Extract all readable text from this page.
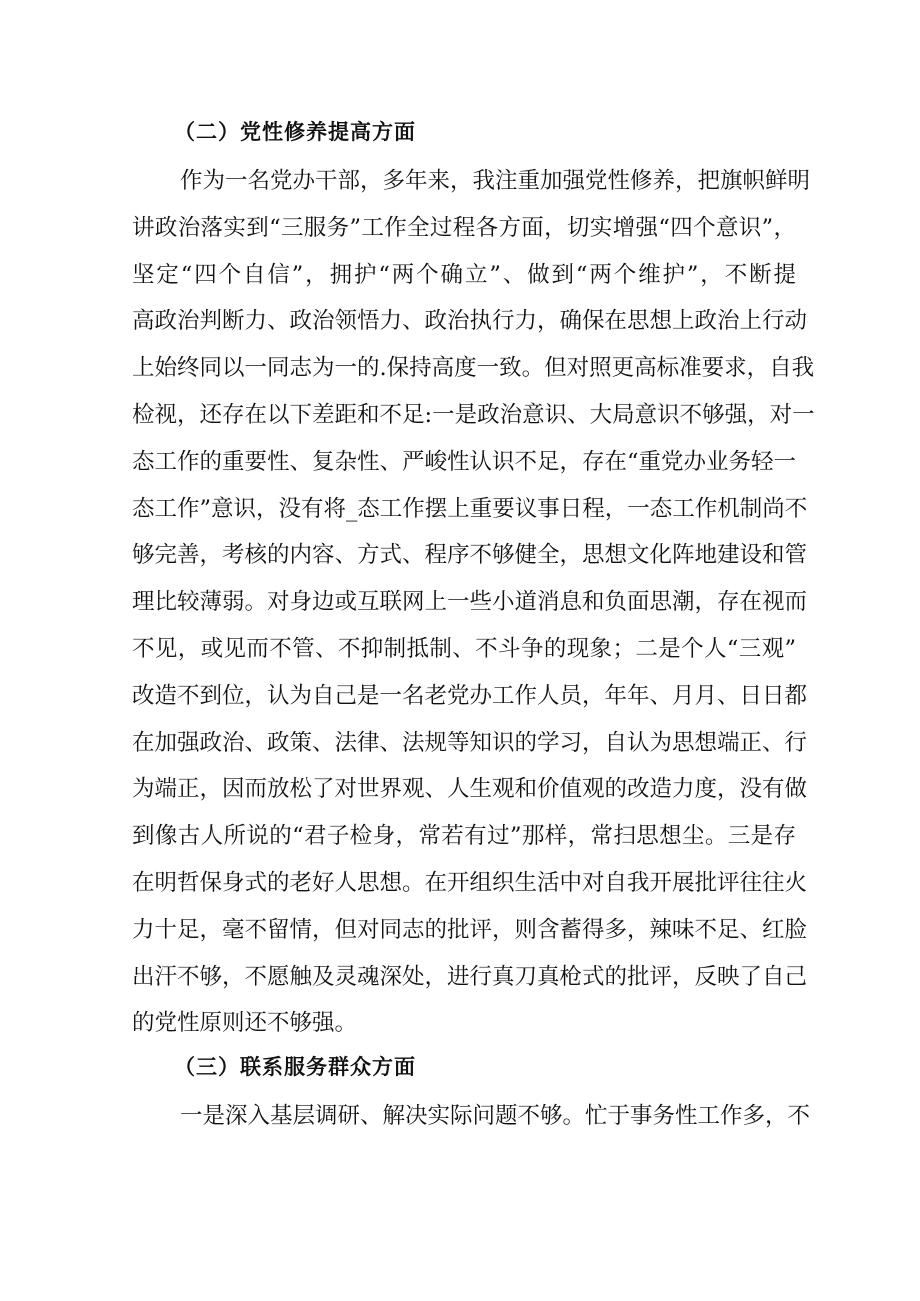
（二）党性修养提高方面

作为一名党办干部，多年来，我注重加强党性修养，把旗帜鲜明
讲政治落实到“三服务”工作全过程各方面，切实增强“四个意识”，
坚定“四个自信”，拥护“两个确立”、做到“两个维护”，不断提
高政治判断力、政治领悟力、政治执行力，确保在思想上政治上行动
上始终同以一同志为一的.保持高度一致。但对照更高标准要求，自我
检视，还存在以下差距和不足:一是政治意识、大局意识不够强，对一
态工作的重要性、复杂性、严峻性认识不足，存在“重党办业务轻一
态工作”意识，没有将_态工作摆上重要议事日程，一态工作机制尚不
够完善，考核的内容、方式、程序不够健全，思想文化阵地建设和管
理比较薄弱。对身边或互联网上一些小道消息和负面思潮，存在视而
不见，或见而不管、不抑制抵制、不斗争的现象；二是个人“三观”
改造不到位，认为自己是一名老党办工作人员，年年、月月、日日都
在加强政治、政策、法律、法规等知识的学习，自认为思想端正、行
为端正，因而放松了对世界观、人生观和价值观的改造力度，没有做
到像古人所说的“君子检身，常若有过”那样，常扫思想尘。三是存
在明哲保身式的老好人思想。在开组织生活中对自我开展批评往往火
力十足，毫不留情，但对同志的批评，则含蓄得多，辣味不足、红脸
出汗不够，不愿触及灵魂深处，进行真刀真枪式的批评，反映了自己
的党性原则还不够强。

（三）联系服务群众方面

一是深入基层调研、解决实际问题不够。忙于事务性工作多，不
